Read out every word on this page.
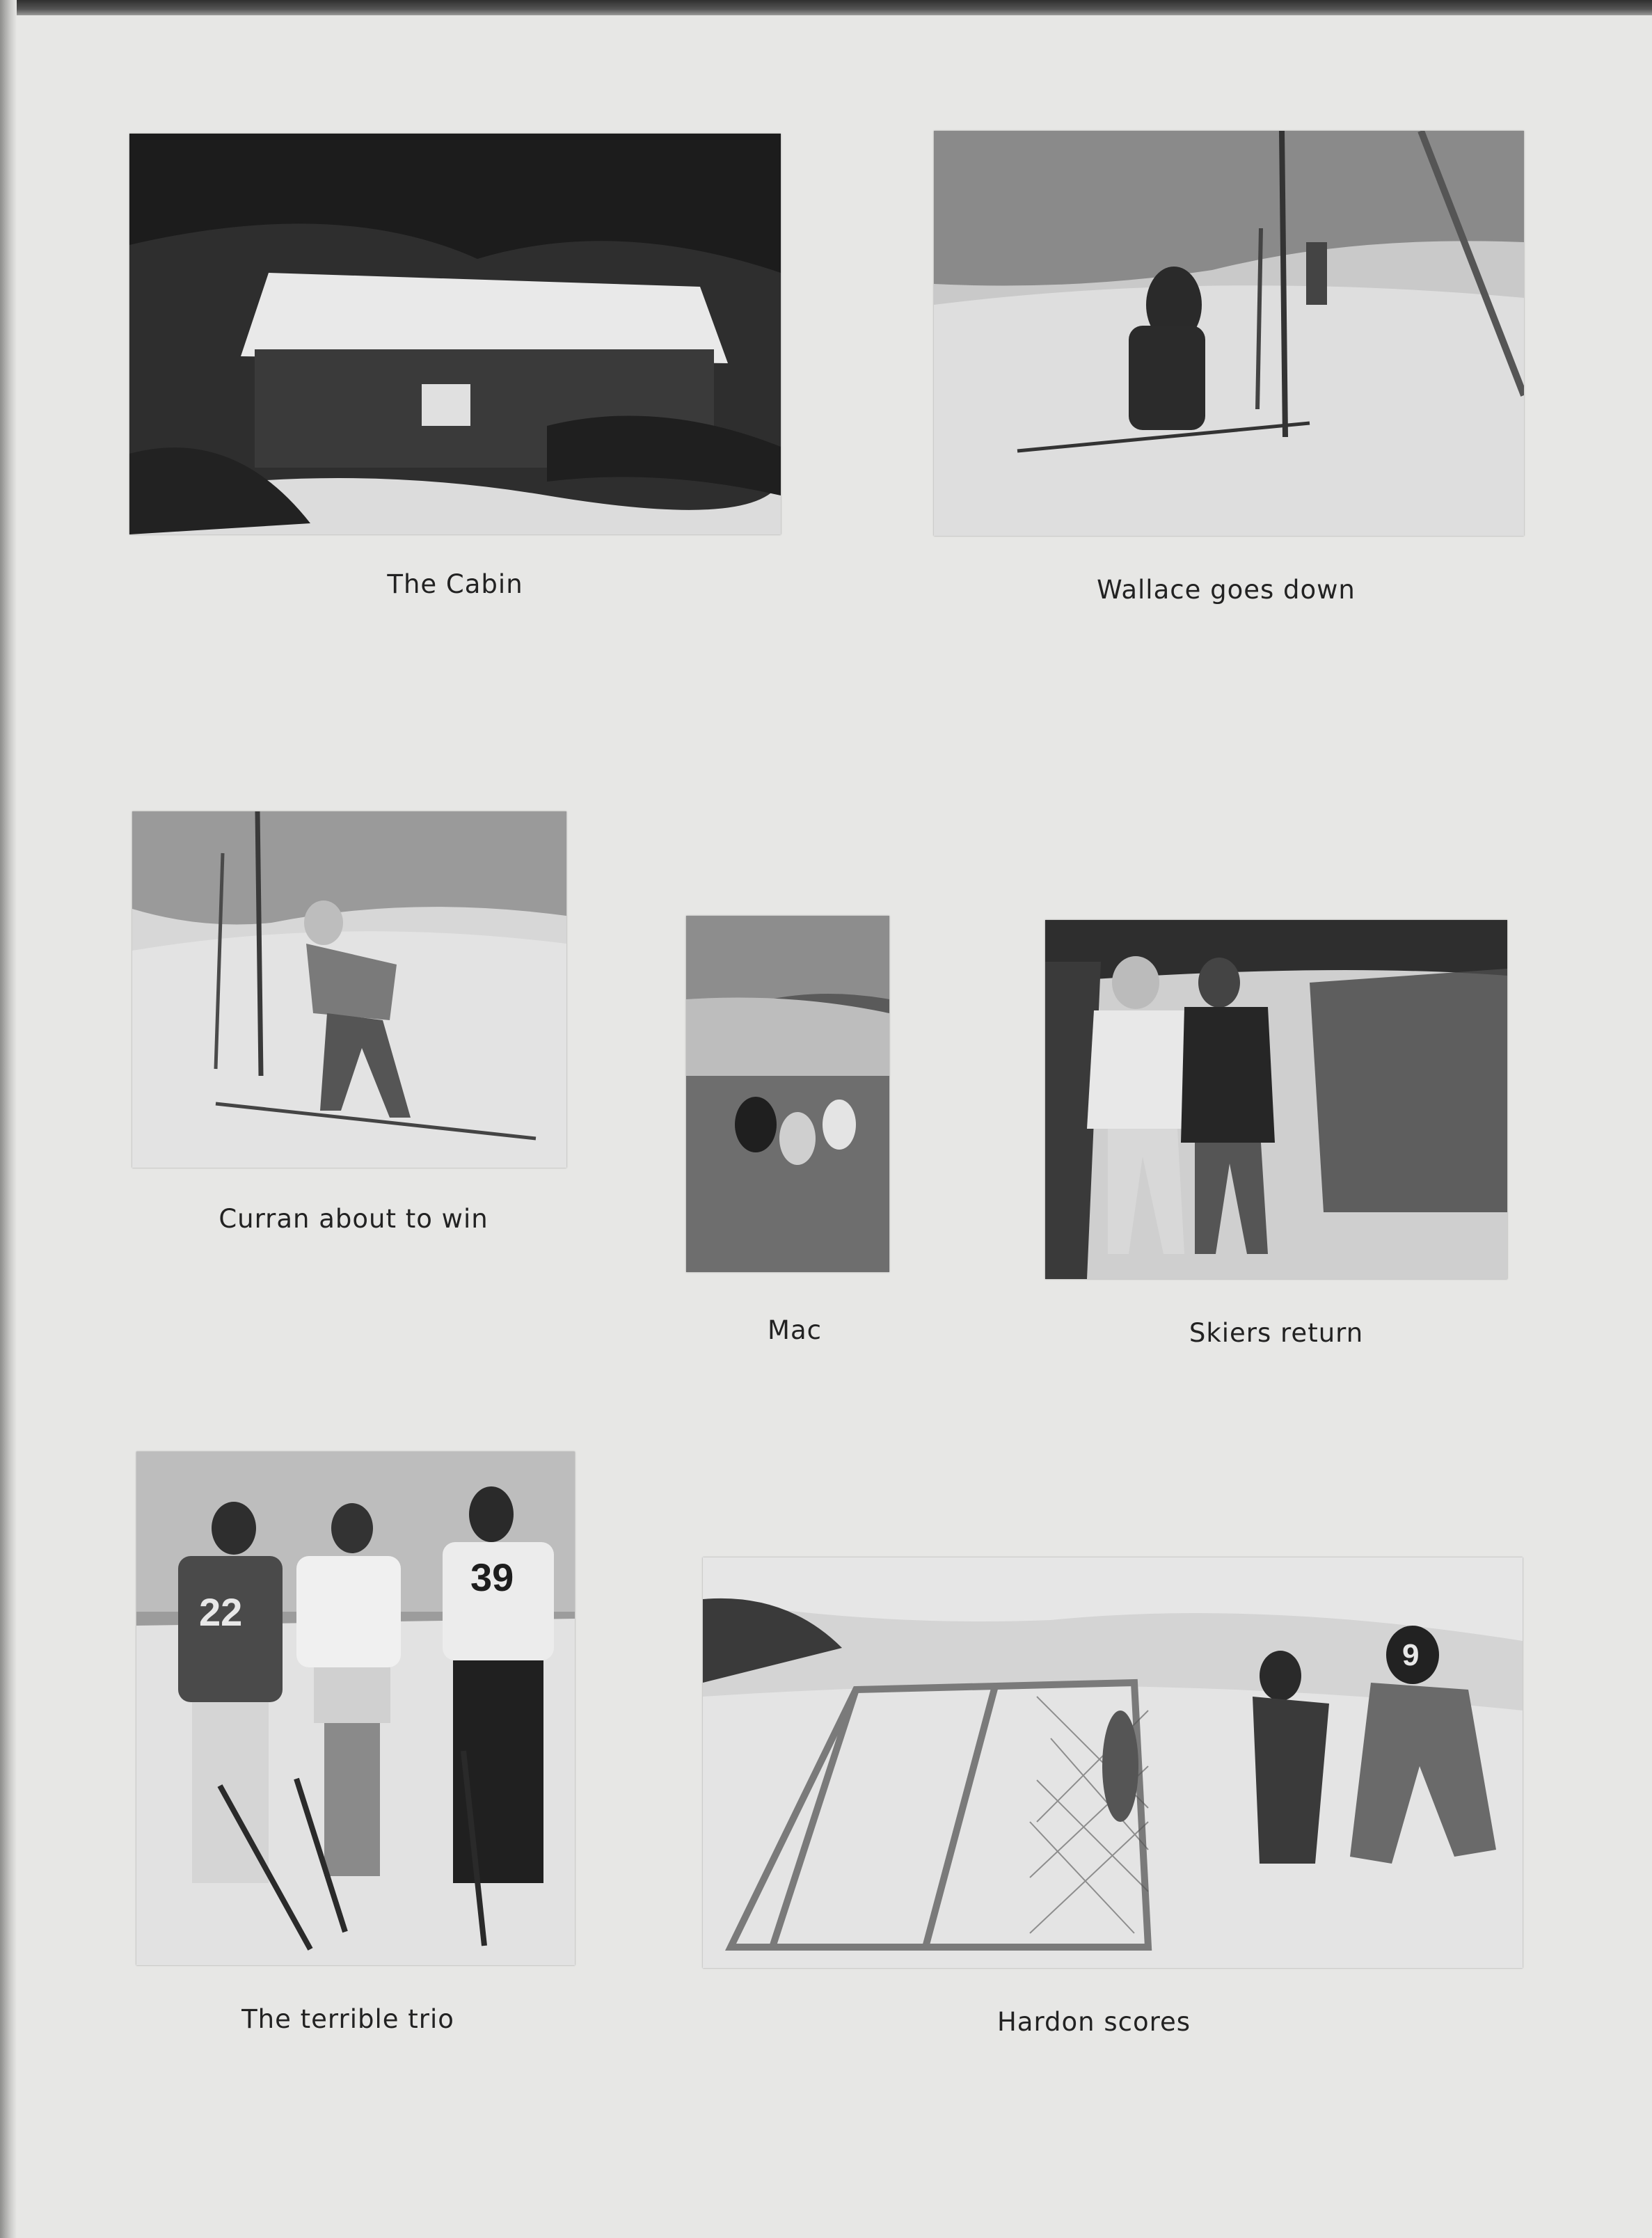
The Cabin	Wallace goes down

Curran about to win

Mac	Skiers return

22
39

The terrible trio

9

Hardon scores
